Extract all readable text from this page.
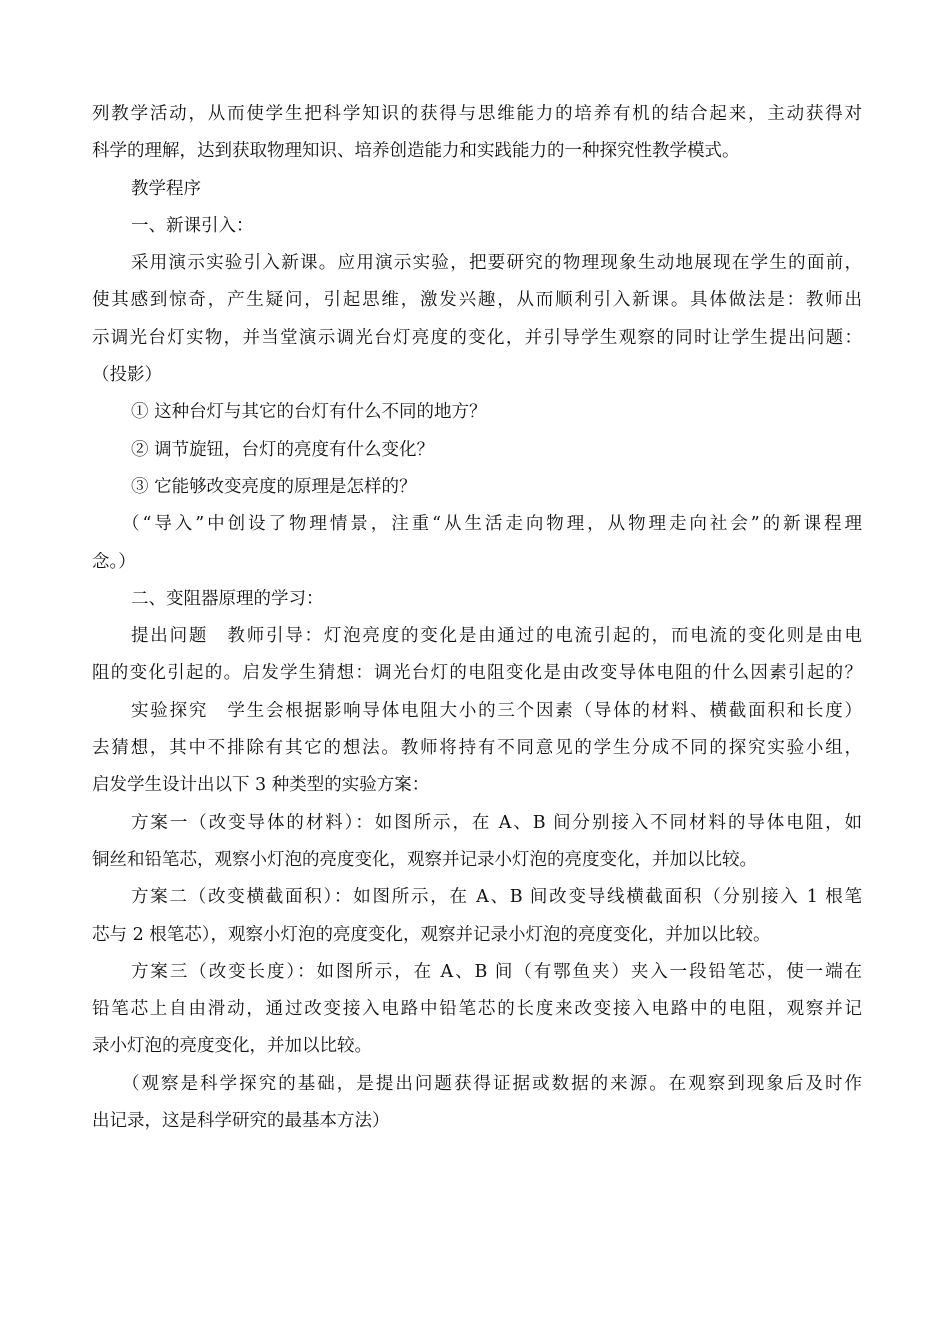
列教学活动，从而使学生把科学知识的获得与思维能力的培养有机的结合起来，主动获得对
科学的理解，达到获取物理知识、培养创造能力和实践能力的一种探究性教学模式。
教学程序
一、新课引入：
采用演示实验引入新课。应用演示实验，把要研究的物理现象生动地展现在学生的面前，
使其感到惊奇，产生疑问，引起思维，激发兴趣，从而顺利引入新课。具体做法是：教师出
示调光台灯实物，并当堂演示调光台灯亮度的变化，并引导学生观察的同时让学生提出问题：
（投影）
① 这种台灯与其它的台灯有什么不同的地方？
② 调节旋钮，台灯的亮度有什么变化？
③ 它能够改变亮度的原理是怎样的？
（“导入”中创设了物理情景，注重“从生活走向物理，从物理走向社会”的新课程理
念。）
二、变阻器原理的学习：
提出问题　教师引导：灯泡亮度的变化是由通过的电流引起的，而电流的变化则是由电
阻的变化引起的。启发学生猜想：调光台灯的电阻变化是由改变导体电阻的什么因素引起的？
实验探究　学生会根据影响导体电阻大小的三个因素（导体的材料、横截面积和长度）
去猜想，其中不排除有其它的想法。教师将持有不同意见的学生分成不同的探究实验小组，
启发学生设计出以下 3 种类型的实验方案：
方案一（改变导体的材料）：如图所示，在 A、B 间分别接入不同材料的导体电阻，如
铜丝和铅笔芯，观察小灯泡的亮度变化，观察并记录小灯泡的亮度变化，并加以比较。
方案二（改变横截面积）：如图所示，在 A、B 间改变导线横截面积（分别接入 1 根笔
芯与 2 根笔芯），观察小灯泡的亮度变化，观察并记录小灯泡的亮度变化，并加以比较。
方案三（改变长度）：如图所示，在 A、B 间（有鄂鱼夹）夹入一段铅笔芯，使一端在
铅笔芯上自由滑动，通过改变接入电路中铅笔芯的长度来改变接入电路中的电阻，观察并记
录小灯泡的亮度变化，并加以比较。
（观察是科学探究的基础，是提出问题获得证据或数据的来源。在观察到现象后及时作
出记录，这是科学研究的最基本方法）
